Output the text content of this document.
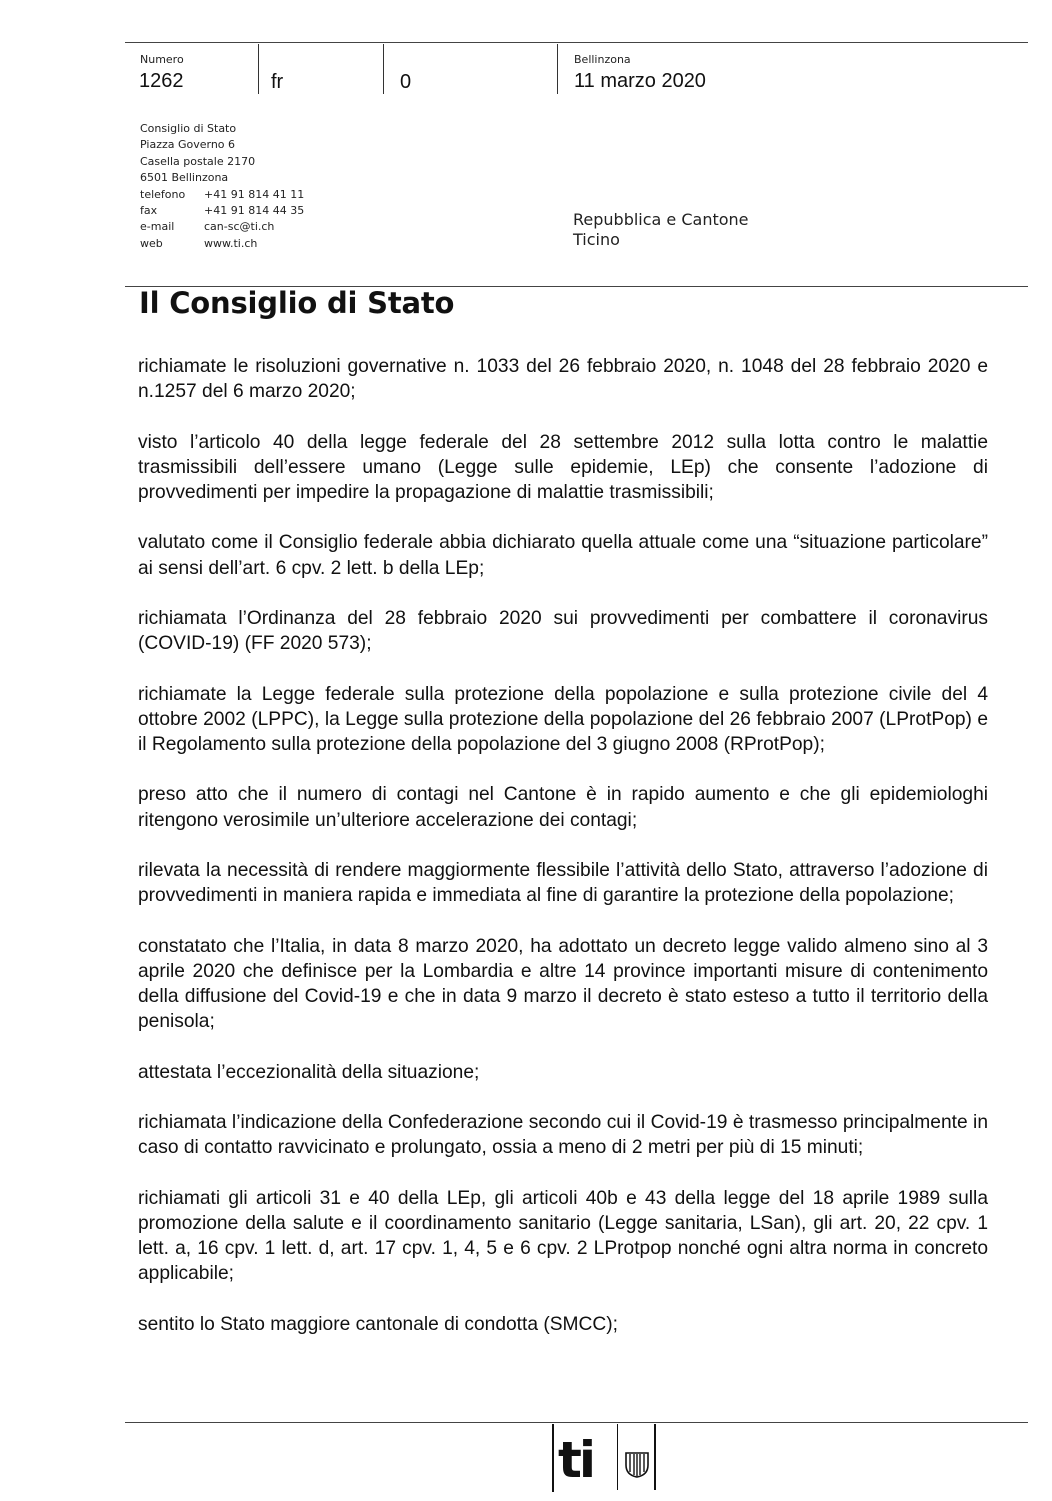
Numero
1262	fr	0
Bellinzona
11 marzo 2020
Consiglio di Stato
Piazza Governo 6
Casella postale 2170
6501 Bellinzona
telefono	+41 91 814 41 11
fax	+41 91 814 44 35
e-mail	can-sc@ti.ch
web	www.ti.ch
Repubblica e Cantone
Ticino
Il Consiglio di Stato

richiamate le risoluzioni governative n. 1033 del 26 febbraio 2020, n. 1048 del 28 febbraio 2020 e n.1257 del 6 marzo 2020;

visto l’articolo 40 della legge federale del 28 settembre 2012 sulla lotta contro le malattie trasmissibili dell’essere umano (Legge sulle epidemie, LEp) che consente l’adozione di provvedimenti per impedire la propagazione di malattie trasmissibili;

valutato come il Consiglio federale abbia dichiarato quella attuale come una “situazione particolare” ai sensi dell’art. 6 cpv. 2 lett. b della LEp;

richiamata l’Ordinanza del 28 febbraio 2020 sui provvedimenti per combattere il coronavirus (COVID-19) (FF 2020 573);

richiamate la Legge federale sulla protezione della popolazione e sulla protezione civile del 4 ottobre 2002 (LPPC), la Legge sulla protezione della popolazione del 26 febbraio 2007 (LProtPop) e il Regolamento sulla protezione della popolazione del 3 giugno 2008 (RProtPop);

preso atto che il numero di contagi nel Cantone è in rapido aumento e che gli epidemiologhi ritengono verosimile un’ulteriore accelerazione dei contagi;

rilevata la necessità di rendere maggiormente flessibile l’attività dello Stato, attraverso l’adozione di provvedimenti in maniera rapida e immediata al fine di garantire la protezione della popolazione;

constatato che l’Italia, in data 8 marzo 2020, ha adottato un decreto legge valido almeno sino al 3 aprile 2020 che definisce per la Lombardia e altre 14 province importanti misure di contenimento della diffusione del Covid-19 e che in data 9 marzo il decreto è stato esteso a tutto il territorio della penisola;

attestata l’eccezionalità della situazione;

richiamata l’indicazione della Confederazione secondo cui il Covid-19 è trasmesso principalmente in caso di contatto ravvicinato e prolungato, ossia a meno di 2 metri per più di 15 minuti;

richiamati gli articoli 31 e 40 della LEp, gli articoli 40b e 43 della legge del 18 aprile 1989 sulla promozione della salute e il coordinamento sanitario (Legge sanitaria, LSan), gli art. 20, 22 cpv. 1 lett. a, 16 cpv. 1 lett. d, art. 17 cpv. 1, 4, 5 e 6 cpv. 2 LProtpop nonché ogni altra norma in concreto applicabile;

sentito lo Stato maggiore cantonale di condotta (SMCC);

ti
